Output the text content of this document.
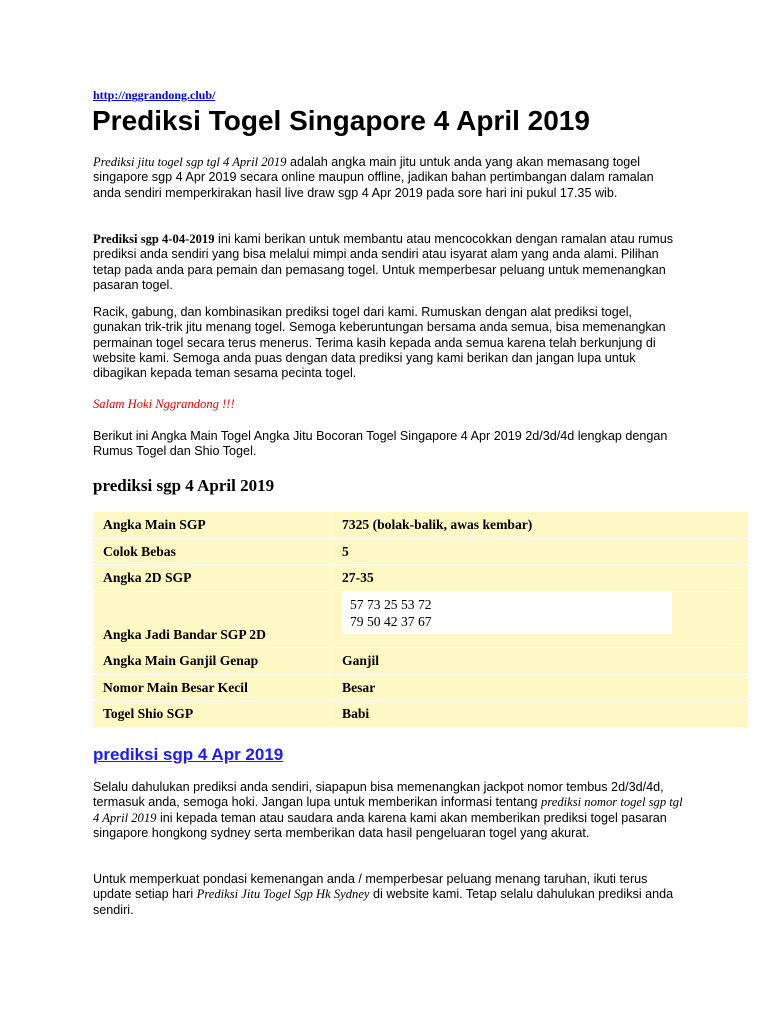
http://nggrandong.club/
Prediksi Togel Singapore 4 April 2019
Prediksi jitu togel sgp tgl 4 April 2019 adalah angka main jitu untuk anda yang akan memasang togel singapore sgp 4 Apr 2019 secara online maupun offline, jadikan bahan pertimbangan dalam ramalan anda sendiri memperkirakan hasil live draw sgp 4 Apr 2019 pada sore hari ini pukul 17.35 wib.
Prediksi sgp 4-04-2019 ini kami berikan untuk membantu atau mencocokkan dengan ramalan atau rumus prediksi anda sendiri yang bisa melalui mimpi anda sendiri atau isyarat alam yang anda alami. Pilihan tetap pada anda para pemain dan pemasang togel. Untuk memperbesar peluang untuk memenangkan pasaran togel.
Racik, gabung, dan kombinasikan prediksi togel dari kami. Rumuskan dengan alat prediksi togel, gunakan trik-trik jitu menang togel. Semoga keberuntungan bersama anda semua, bisa memenangkan permainan togel secara terus menerus. Terima kasih kepada anda semua karena telah berkunjung di website kami. Semoga anda puas dengan data prediksi yang kami berikan dan jangan lupa untuk dibagikan kepada teman sesama pecinta togel.
Salam Hoki Nggrandong !!!
Berikut ini Angka Main Togel Angka Jitu Bocoran Togel Singapore 4 Apr 2019 2d/3d/4d lengkap dengan Rumus Togel dan Shio Togel.
prediksi sgp 4 April 2019
Angka Main SGP	7325 (bolak-balik, awas kembar)
Colok Bebas	5
Angka 2D SGP	27-35
Angka Jadi Bandar SGP 2D	57 73 25 53 72
79 50 42 37 67

Angka Main Ganjil Genap	Ganjil
Nomor Main Besar Kecil	Besar
Togel Shio SGP	Babi
prediksi sgp 4 Apr 2019
Selalu dahulukan prediksi anda sendiri, siapapun bisa memenangkan jackpot nomor tembus 2d/3d/4d, termasuk anda, semoga hoki. Jangan lupa untuk memberikan informasi tentang prediksi nomor togel sgp tgl 4 April 2019 ini kepada teman atau saudara anda karena kami akan memberikan prediksi togel pasaran singapore hongkong sydney serta memberikan data hasil pengeluaran togel yang akurat.
Untuk memperkuat pondasi kemenangan anda / memperbesar peluang menang taruhan, ikuti terus update setiap hari Prediksi Jitu Togel Sgp Hk Sydney di website kami. Tetap selalu dahulukan prediksi anda sendiri.
